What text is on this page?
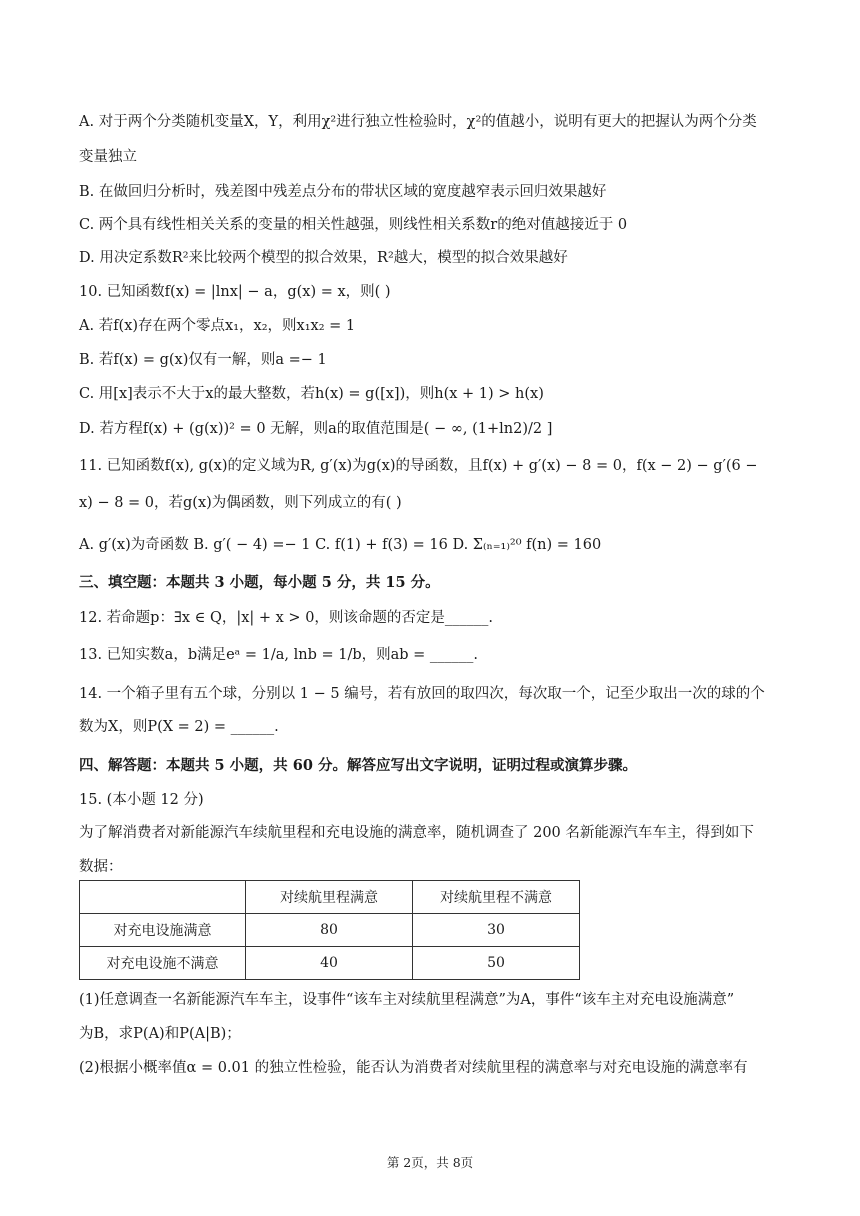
A. 对于两个分类随机变量X，Y，利用χ²进行独立性检验时，χ²的值越小，说明有更大的把握认为两个分类
变量独立
B. 在做回归分析时，残差图中残差点分布的带状区域的宽度越窄表示回归效果越好
C. 两个具有线性相关关系的变量的相关性越强，则线性相关系数r的绝对值越接近于 0
D. 用决定系数R²来比较两个模型的拟合效果，R²越大，模型的拟合效果越好
10. 已知函数f(x) = |lnx| − a，g(x) = x，则( )
A. 若f(x)存在两个零点x₁，x₂，则x₁x₂ = 1
B. 若f(x) = g(x)仅有一解，则a =− 1
C. 用[x]表示不大于x的最大整数，若h(x) = g([x])，则h(x + 1) > h(x)
D. 若方程f(x) + (g(x))² = 0 无解，则a的取值范围是( − ∞, (1+ln2)/2 ]
11. 已知函数f(x), g(x)的定义域为R, g′(x)为g(x)的导函数，且f(x) + g′(x) − 8 = 0，f(x − 2) − g′(6 −
x) − 8 = 0，若g(x)为偶函数，则下列成立的有( )
A. g′(x)为奇函数 B. g′( − 4) =− 1 C. f(1) + f(3) = 16 D. Σ₍ₙ₌₁₎²⁰ f(n) = 160
三、填空题：本题共 3 小题，每小题 5 分，共 15 分。
12. 若命题p：∃x ∈ Q，|x| + x > 0，则该命题的否定是______.
13. 已知实数a，b满足eᵃ = 1/a, lnb = 1/b，则ab = ______.
14. 一个箱子里有五个球，分别以 1 − 5 编号，若有放回的取四次，每次取一个，记至少取出一次的球的个
数为X，则P(X = 2) = ______.
四、解答题：本题共 5 小题，共 60 分。解答应写出文字说明，证明过程或演算步骤。
15. (本小题 12 分)
为了解消费者对新能源汽车续航里程和充电设施的满意率，随机调查了 200 名新能源汽车车主，得到如下
数据：
	对续航里程满意	对续航里程不满意
对充电设施满意	80	30
对充电设施不满意	40	50
(1)任意调查一名新能源汽车车主，设事件“该车主对续航里程满意”为A，事件“该车主对充电设施满意”
为B，求P(A)和P(A|B)；
(2)根据小概率值α = 0.01 的独立性检验，能否认为消费者对续航里程的满意率与对充电设施的满意率有
第 2页，共 8页
